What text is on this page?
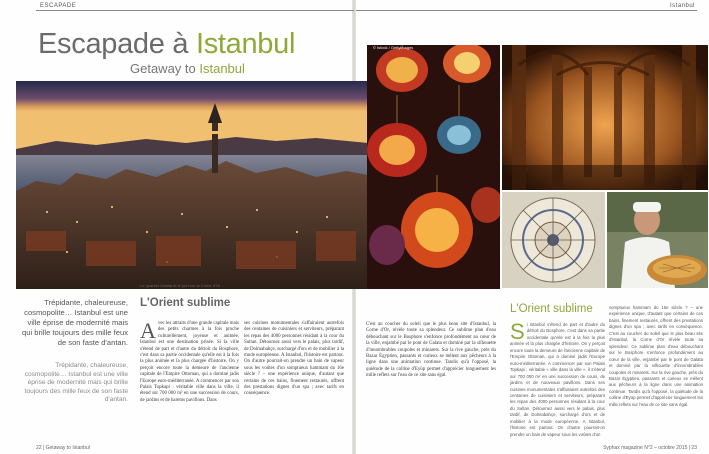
ESCAPADE	Istanbul
Escapade à Istanbul
Getaway to Istanbul
Le quartier Galata et le port sur la Corne d'Or
© Istock / Gettyimages
Trépidante, chaleureuse, cosmopolite… Istanbul est une ville éprise de modernité mais qui brille toujours des mille feux de son faste d'antan.
Trépidante, chaleureuse, cosmopolite… Istanbul est une ville éprise de modernité mais qui brille toujours des mille feux de son faste d'antan.
L'Orient sublime
Avec les attraits d'une grande capitale mais des petits charmes à la fois proche culturellement, joyeuse et animée, Istanbul est une destination prisée. Si la ville s'étend de part et d'autre du détroit du Bosphore, c'est dans sa partie occidentale qu'elle est à la fois la plus animée et la plus chargée d'histoire. On y perçoit encore toute la demeure de l'ancienne capitale de l'Empire Ottoman, qui a dominé jadis l'Europe euro-méditerranée. A commencer par son Palais Topkapi : véritable ville dans la ville, il étend sur 700 000 m² en une succession de cours, de jardins et de harems pavillons. Dans
ses cuisines monumentales s'affairaient autrefois des centaines de cuisiniers et serviteurs, préparant les repas des 4000 personnes résidant à la cour du Sultan. Détournez aussi vers le palais, plus tardif, de Dolmabahçe, surchargé d'ors et de mobilier à la mode européenne. A Istanbul, l'histoire est partout. On d'autre pourrait-on prendre un bain de vapeur sous les voûtes d'un somptueux hammam du 16e siècle ? – une expérience unique, d'autant que certains de ces bains, finement restaurés, offrent des prestations dignes d'un spa ; avec tarifs en conséquence.
C'est au coucher du soleil que le plus beau site d'Istanbul, la Corne d'Or, révèle toute sa splendeur. Ce sublime plan d'eau débouchant sur le Bosphore s'enfonce profondément au cœur de la ville, enjambé par le pont de Galata et dominé par la silhouette d'innombrables coupoles et minarets. Sur la rive gauche, près du Bazar Égyptien, passants et curieux se mêlent aux pêcheurs à la ligne dans une animation continue. Tandis qu'à l'opposé, la quiétude de la colline d'Eyüp permet d'apprécier longuement les mille reflets sur l'eau de ce site sans égal.
L'Orient sublime
Si Istanbul s'étend de part et d'autre du détroit du Bosphore, c'est dans sa partie occidentale qu'elle est à la fois la plus animée et la plus chargée d'histoire. On y perçoit encore toute la demeure de l'ancienne capitale de l'Empire Ottoman, qui a dominé jadis l'Europe euro-méditerranée. A commencer par son Palais Topkapi : véritable « ville dans la ville », il s'étend sur 700 000 m² en une succession de cours, de jardins et de nouveaux pavillons. Dans ses cuisines monumentales s'affairaient autrefois des centaines de cuisiniers et serviteurs, préparant les repas des 4000 personnes résidant à la cour du Sultan. Détournez aussi vers le palais, plus tardif, de Dolmabahçe, surchargé d'ors et de mobilier à la mode européenne. A Istanbul, l'histoire est partout. On d'autre pourrait-on prendre un bain de vapeur sous les voûtes d'un
somptueux hammam du 16e siècle ? – une expérience unique, d'autant que certains de ces bains, finement restaurés, offrent des prestations dignes d'un spa ; avec tarifs en conséquence. C'est au coucher du soleil que le plus beau site d'Istanbul, la Corne d'Or révèle toute sa splendeur. Ce sublime plan d'eau débouchant sur le Bosphore s'enfonce profondément au cœur de la ville, enjambé par le pont de Galata et dominé par la silhouette d'innombrables coupoles et minarets. Sur la rive gauche, près du Bazar Égyptien, passants et curieux se mêlent aux pêcheurs à la ligne dans une animation continue. Tandis qu'à l'opposé, la quiétude de la colline d'Eyüp permet d'apprécier longuement les mille reflets sur l'eau de ce site sans égal.
22 | Getaway to Istanbul	Syphax magazine N°2 – octobre 2015 | 23
